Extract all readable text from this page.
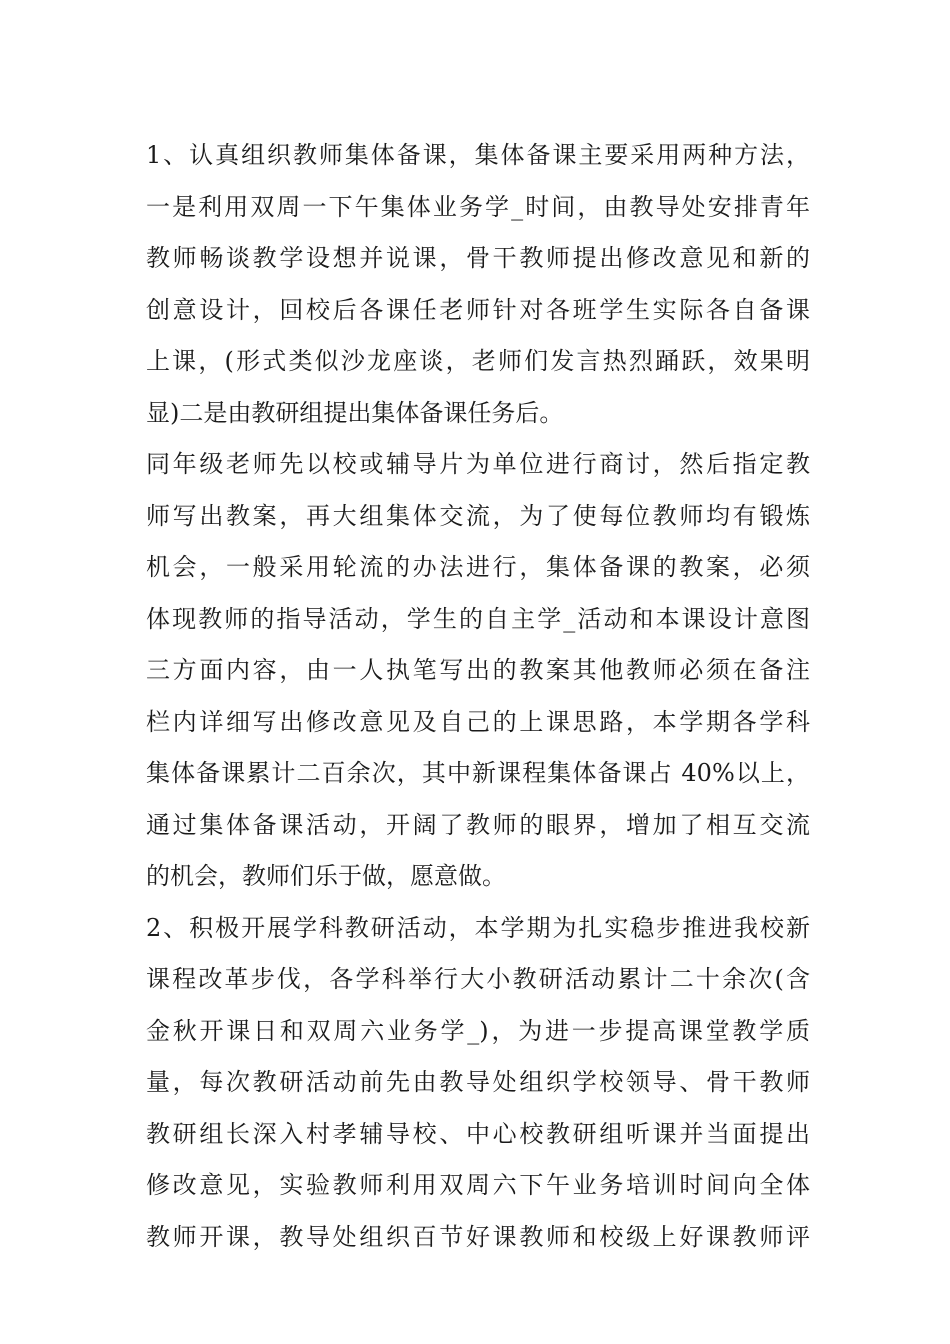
1、认真组织教师集体备课，集体备课主要采用两种方法，
一是利用双周一下午集体业务学_时间，由教导处安排青年
教师畅谈教学设想并说课，骨干教师提出修改意见和新的
创意设计，回校后各课任老师针对各班学生实际各自备课
上课，(形式类似沙龙座谈，老师们发言热烈踊跃，效果明
显)二是由教研组提出集体备课任务后。
同年级老师先以校或辅导片为单位进行商讨，然后指定教
师写出教案，再大组集体交流，为了使每位教师均有锻炼
机会，一般采用轮流的办法进行，集体备课的教案，必须
体现教师的指导活动，学生的自主学_活动和本课设计意图
三方面内容，由一人执笔写出的教案其他教师必须在备注
栏内详细写出修改意见及自己的上课思路，本学期各学科
集体备课累计二百余次，其中新课程集体备课占 40%以上，
通过集体备课活动，开阔了教师的眼界，增加了相互交流
的机会，教师们乐于做，愿意做。
2、积极开展学科教研活动，本学期为扎实稳步推进我校新
课程改革步伐，各学科举行大小教研活动累计二十余次(含
金秋开课日和双周六业务学_)，为进一步提高课堂教学质
量，每次教研活动前先由教导处组织学校领导、骨干教师
教研组长深入村孝辅导校、中心校教研组听课并当面提出
修改意见，实验教师利用双周六下午业务培训时间向全体
教师开课，教导处组织百节好课教师和校级上好课教师评
